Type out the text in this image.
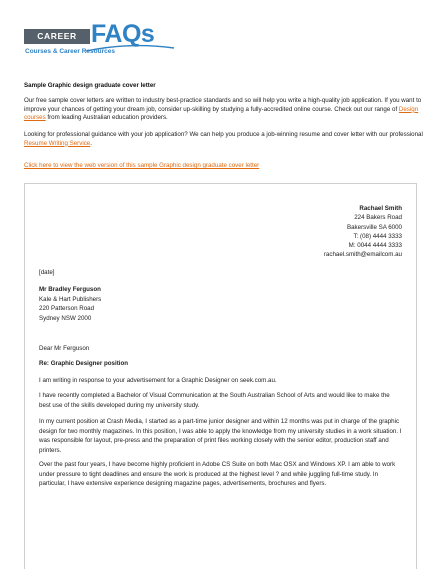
CAREER FAQs
Courses & Career Resources
Sample Graphic design graduate cover letter
Our free sample cover letters are written to industry best-practice standards and so will help you write a high-quality job application. If you want to improve your chances of getting your dream job, consider up-skilling by studying a fully-accredited online course. Check out our range of Design courses from leading Australian education providers.
Looking for professional guidance with your job application? We can help you produce a job-winning resume and cover letter with our professional Resume Writing Service.
Click here to view the web version of this sample Graphic design graduate cover letter
Rachael Smith
224 Bakers Road
Bakersville SA 6000
T: (08) 4444 3333
M: 0044 4444 3333
rachael.smith@emailcom.au
[date]
Mr Bradley Ferguson
Kale & Hart Publishers
220 Patterson Road
Sydney NSW 2000
Dear Mr Ferguson
Re: Graphic Designer position
I am writing in response to your advertisement for a Graphic Designer on seek.com.au.
I have recently completed a Bachelor of Visual Communication at the South Australian School of Arts and would like to make the best use of the skills developed during my university study.
In my current position at Crash Media, I started as a part-time junior designer and within 12 months was put in charge of the graphic design for two monthly magazines. In this position, I was able to apply the knowledge from my university studies in a work situation. I was responsible for layout, pre-press and the preparation of print files working closely with the senior editor, production staff and printers.
Over the past four years, I have become highly proficient in Adobe CS Suite on both Mac OSX and Windows XP. I am able to work under pressure to tight deadlines and ensure the work is produced at the highest level ? and while juggling full-time study. In particular, I have extensive experience designing magazine pages, advertisements, brochures and flyers.
